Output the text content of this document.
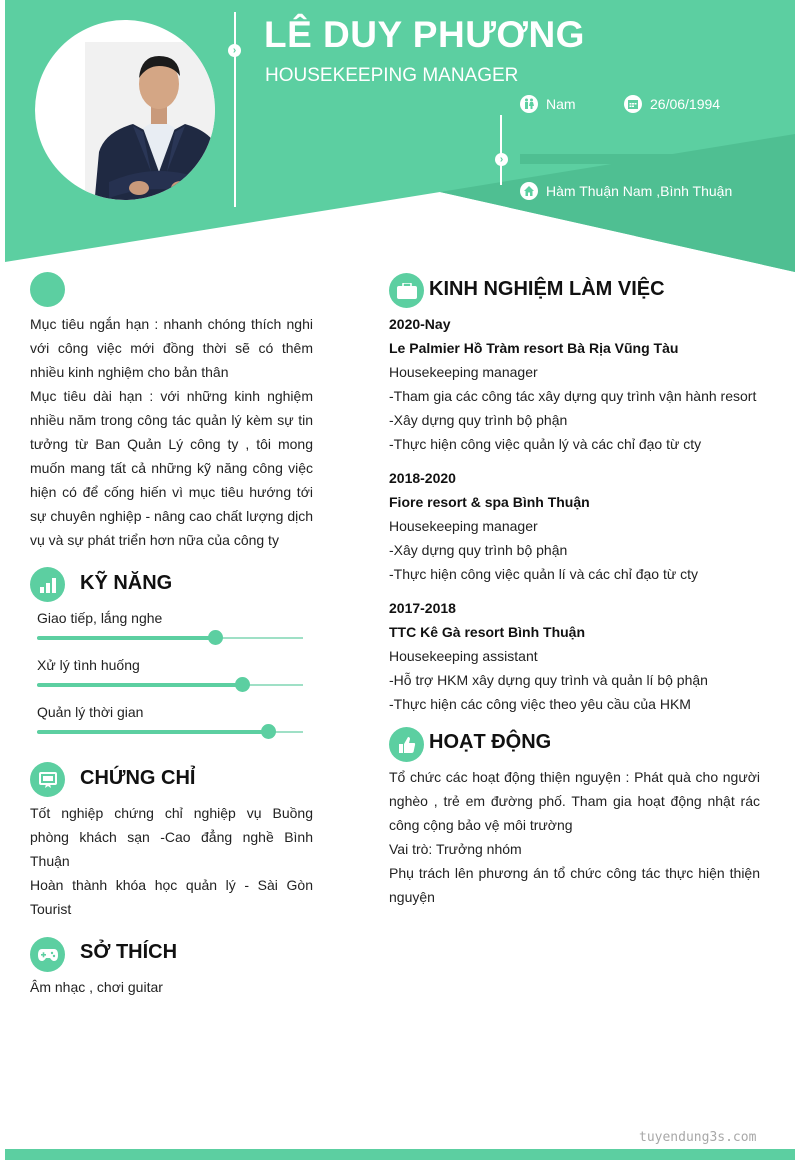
›
›
LÊ DUY PHƯƠNG
HOUSEKEEPING MANAGER
Nam	26/06/1994
Hàm Thuận Nam ,Bình Thuận

Mục tiêu ngắn hạn : nhanh chóng thích nghi với công việc mới đồng thời sẽ có thêm nhiều kinh nghiệm cho bản thân

Mục tiêu dài hạn : với những kinh nghiệm nhiều năm trong công tác quản lý kèm sự tin tưởng từ Ban Quản Lý công ty , tôi mong muốn mang tất cả những kỹ năng công việc hiện có để cống hiến vì mục tiêu hướng tới sự chuyên nghiệp - nâng cao chất lượng dịch vụ và sự phát triển hơn nữa của công ty

KỸ NĂNG
Giao tiếp, lắng nghe
Xử lý tình huống
Quản lý thời gian
CHỨNG CHỈ

Tốt nghiệp chứng chỉ nghiệp vụ Buồng phòng khách sạn -Cao đẳng nghề Bình Thuận

Hoàn thành khóa học quản lý - Sài Gòn Tourist

SỞ THÍCH
Âm nhạc , chơi guitar
KINH NGHIỆM LÀM VIỆC
2020-Nay
Le Palmier Hồ Tràm resort Bà Rịa Vũng Tàu
Housekeeping manager
-Tham gia các công tác xây dựng quy trình vận hành resort
-Xây dựng quy trình bộ phận
-Thực hiện công việc quản lý và các chỉ đạo từ cty
2018-2020
Fiore resort & spa Bình Thuận
Housekeeping manager
-Xây dựng quy trình bộ phận
-Thực hiện công việc quản lí và các chỉ đạo từ cty
2017-2018
TTC Kê Gà resort Bình Thuận
Housekeeping assistant
-Hỗ trợ HKM xây dựng quy trình và quản lí bộ phận
-Thực hiện các công việc theo yêu cầu của HKM
HOẠT ĐỘNG

Tổ chức các hoạt động thiện nguyện : Phát quà cho người nghèo , trẻ em đường phố. Tham gia hoạt động nhật rác công cộng bảo vệ môi trường

Vai trò: Trưởng nhóm

Phụ trách lên phương án tổ chức công tác thực hiện thiện nguyện

tuyendung3s.com
